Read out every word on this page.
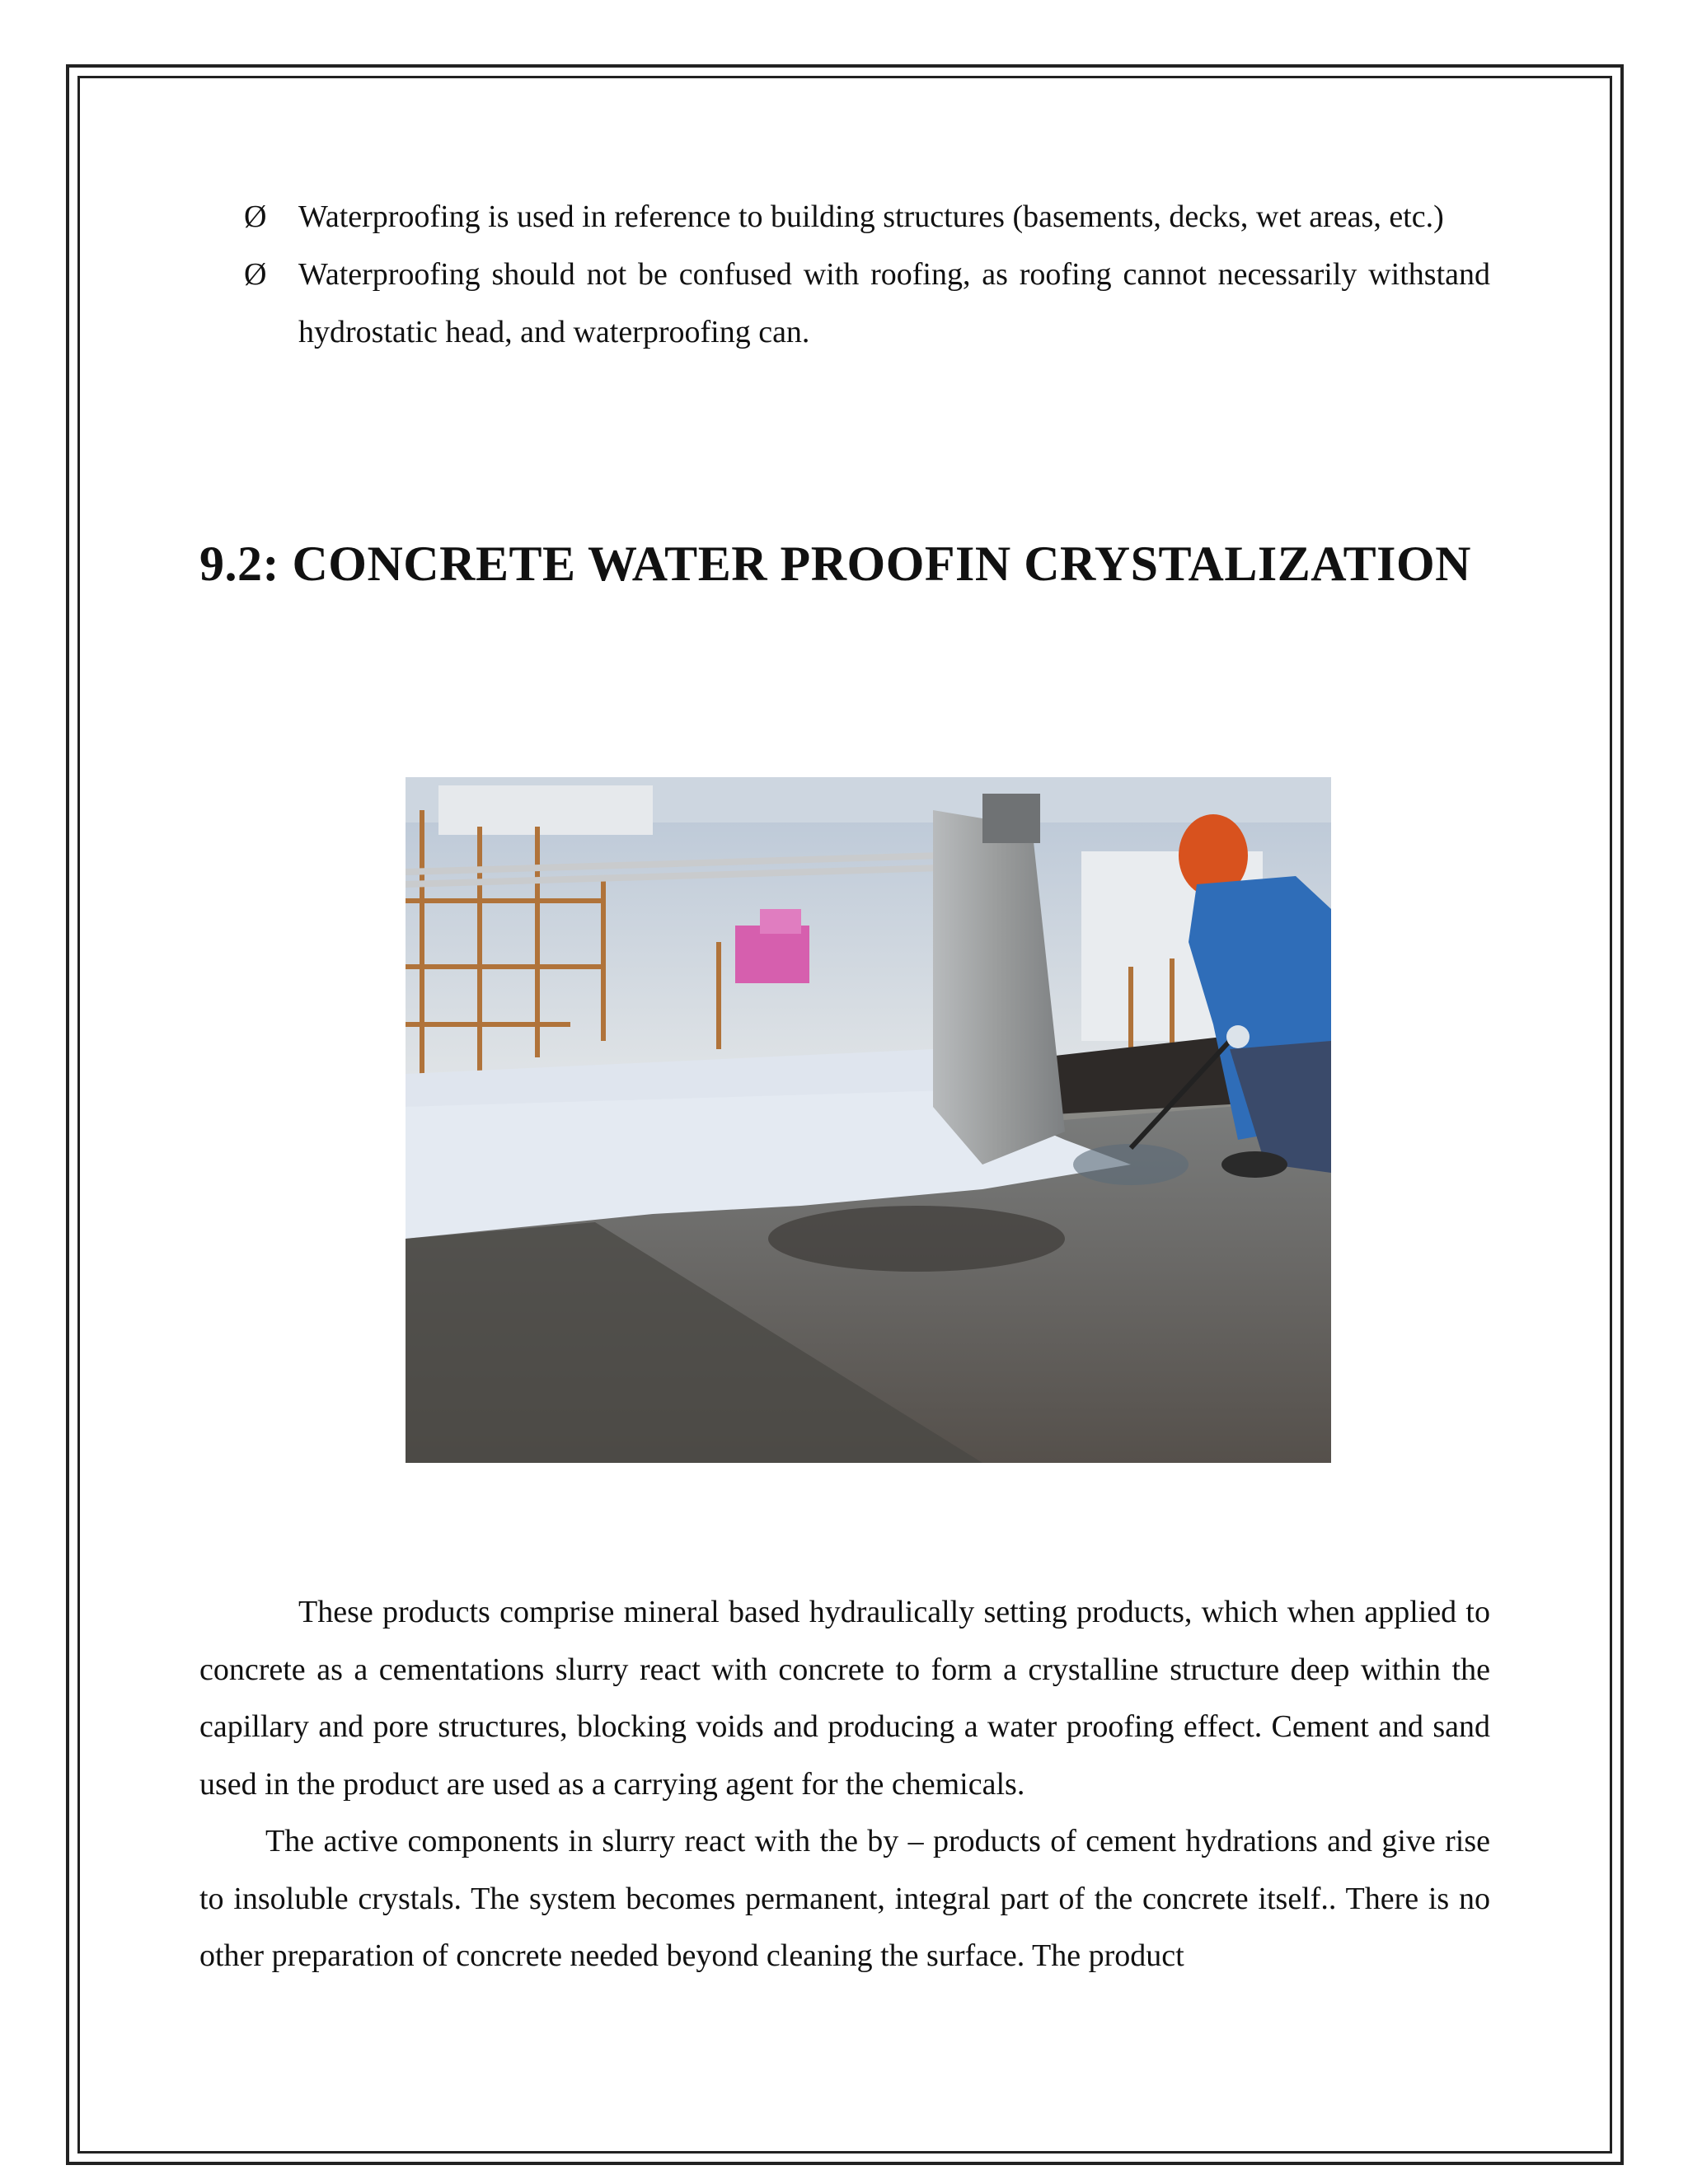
Ø Waterproofing is used in reference to building structures (basements, decks, wet areas, etc.)

Ø Waterproofing should not be confused with roofing, as roofing cannot necessarily withstand hydrostatic head, and waterproofing can.

9.2: CONCRETE WATER PROOFIN CRYSTALIZATION

These products comprise mineral based hydraulically setting products, which when applied to concrete as a cementations slurry react with concrete to form a crystalline structure deep within the capillary and pore structures, blocking voids and producing a water proofing effect. Cement and sand used in the product are used as a carrying agent for the chemicals.

The active components in slurry react with the by – products of cement hydrations and give rise to insoluble crystals. The system becomes permanent, integral part of the concrete itself.. There is no other preparation of concrete needed beyond cleaning the surface. The product
